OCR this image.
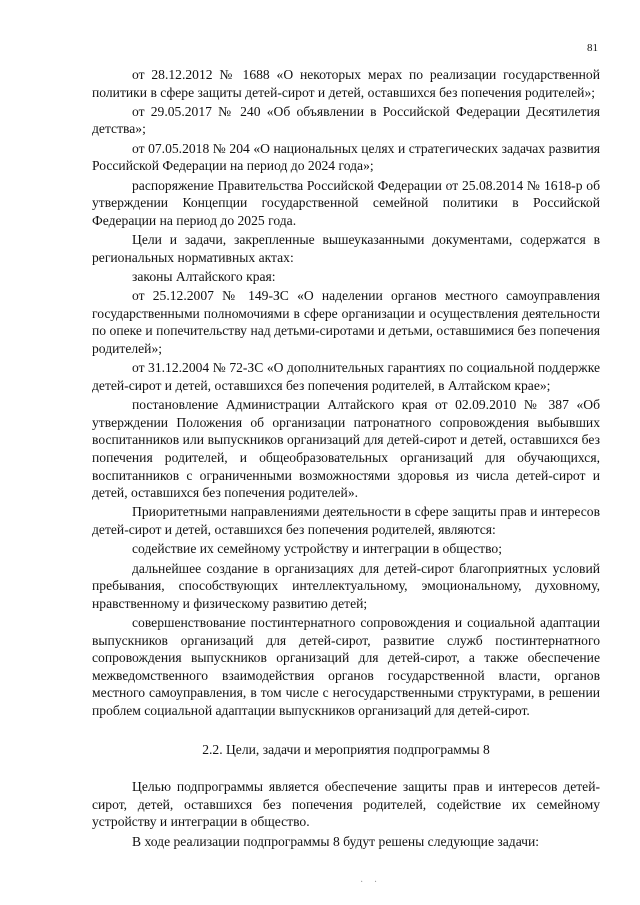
81

от 28.12.2012 № 1688 «О некоторых мерах по реализации государственной политики в сфере защиты детей-сирот и детей, оставшихся без попечения родителей»;

от 29.05.2017 № 240 «Об объявлении в Российской Федерации Десятилетия детства»;

от 07.05.2018 № 204 «О национальных целях и стратегических задачах развития Российской Федерации на период до 2024 года»;

распоряжение Правительства Российской Федерации от 25.08.2014 № 1618-р об утверждении Концепции государственной семейной политики в Российской Федерации на период до 2025 года.

Цели и задачи, закрепленные вышеуказанными документами, содержатся в региональных нормативных актах:

законы Алтайского края:

от 25.12.2007 № 149-ЗС «О наделении органов местного самоуправления государственными полномочиями в сфере организации и осуществления деятельности по опеке и попечительству над детьми-сиротами и детьми, оставшимися без попечения родителей»;

от 31.12.2004 № 72-ЗС «О дополнительных гарантиях по социальной поддержке детей-сирот и детей, оставшихся без попечения родителей, в Алтайском крае»;

постановление Администрации Алтайского края от 02.09.2010 № 387 «Об утверждении Положения об организации патронатного сопровождения выбывших воспитанников или выпускников организаций для детей-сирот и детей, оставшихся без попечения родителей, и общеобразовательных организаций для обучающихся, воспитанников с ограниченными возможностями здоровья из числа детей-сирот и детей, оставшихся без попечения родителей».

Приоритетными направлениями деятельности в сфере защиты прав и интересов детей-сирот и детей, оставшихся без попечения родителей, являются:

содействие их семейному устройству и интеграции в общество;

дальнейшее создание в организациях для детей-сирот благоприятных условий пребывания, способствующих интеллектуальному, эмоциональному, духовному, нравственному и физическому развитию детей;

совершенствование постинтернатного сопровождения и социальной адаптации выпускников организаций для детей-сирот, развитие служб постинтернатного сопровождения выпускников организаций для детей-сирот, а также обеспечение межведомственного взаимодействия органов государственной власти, органов местного самоуправления, в том числе с негосударственными структурами, в решении проблем социальной адаптации выпускников организаций для детей-сирот.

2.2. Цели, задачи и мероприятия подпрограммы 8

Целью подпрограммы является обеспечение защиты прав и интересов детей-сирот, детей, оставшихся без попечения родителей, содействие их семейному устройству и интеграции в общество.

В ходе реализации подпрограммы 8 будут решены следующие задачи:

· ·
